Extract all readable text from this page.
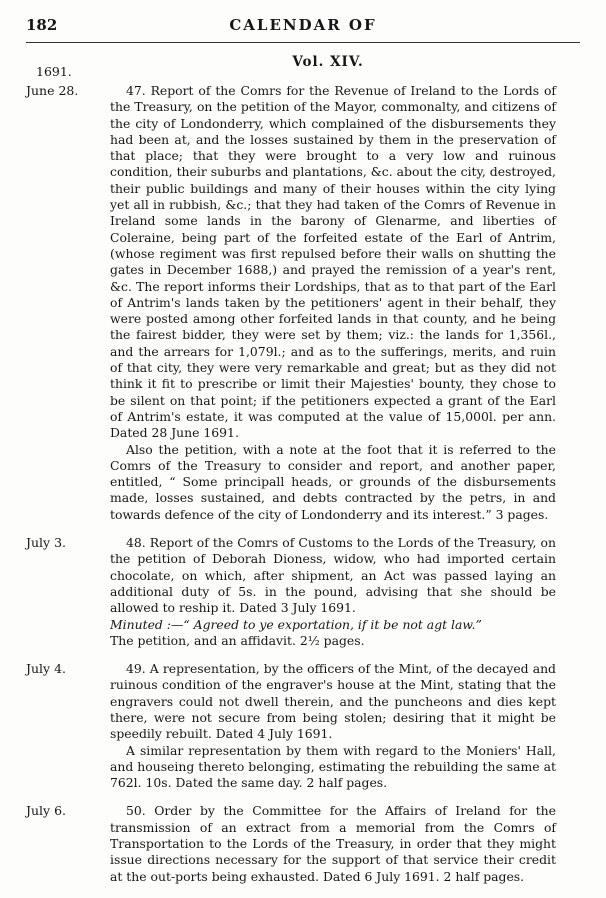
182	CALENDAR OF
Vol. XIV.
1691.
June 28.	47. Report of the Comrs for the Revenue of Ireland to the Lords of the Treasury, on the petition of the Mayor, commonalty, and citizens of the city of Londonderry, which complained of the disbursements they had been at, and the losses sustained by them in the preservation of that place; that they were brought to a very low and ruinous condition, their suburbs and plantations, &c. about the city, destroyed, their public buildings and many of their houses within the city lying yet all in rubbish, &c.; that they had taken of the Comrs of Revenue in Ireland some lands in the barony of Glenarme, and liberties of Coleraine, being part of the forfeited estate of the Earl of Antrim, (whose regiment was first repulsed before their walls on shutting the gates in December 1688,) and prayed the remission of a year's rent, &c. The report informs their Lordships, that as to that part of the Earl of Antrim's lands taken by the petitioners' agent in their behalf, they were posted among other forfeited lands in that county, and he being the fairest bidder, they were set by them; viz.: the lands for 1,356l., and the arrears for 1,079l.; and as to the sufferings, merits, and ruin of that city, they were very remarkable and great; but as they did not think it fit to prescribe or limit their Majesties' bounty, they chose to be silent on that point; if the petitioners expected a grant of the Earl of Antrim's estate, it was computed at the value of 15,000l. per ann. Dated 28 June 1691.

Also the petition, with a note at the foot that it is referred to the Comrs of the Treasury to consider and report, and another paper, entitled, “ Some principall heads, or grounds of the disbursements made, losses sustained, and debts contracted by the petrs, in and towards defence of the city of Londonderry and its interest.” 3 pages.

July 3.	48. Report of the Comrs of Customs to the Lords of the Treasury, on the petition of Deborah Dioness, widow, who had imported certain chocolate, on which, after shipment, an Act was passed laying an additional duty of 5s. in the pound, advising that she should be allowed to reship it. Dated 3 July 1691.

Minuted :—“ Agreed to ye exportation, if it be not agt law.”

The petition, and an affidavit. 2½ pages.

July 4.	49. A representation, by the officers of the Mint, of the decayed and ruinous condition of the engraver's house at the Mint, stating that the engravers could not dwell therein, and the puncheons and dies kept there, were not secure from being stolen; desiring that it might be speedily rebuilt. Dated 4 July 1691.

A similar representation by them with regard to the Moniers' Hall, and houseing thereto belonging, estimating the rebuilding the same at 762l. 10s. Dated the same day. 2 half pages.

July 6.	50. Order by the Committee for the Affairs of Ireland for the transmission of an extract from a memorial from the Comrs of Transportation to the Lords of the Treasury, in order that they might issue directions necessary for the support of that service their credit at the out-ports being exhausted. Dated 6 July 1691. 2 half pages.
